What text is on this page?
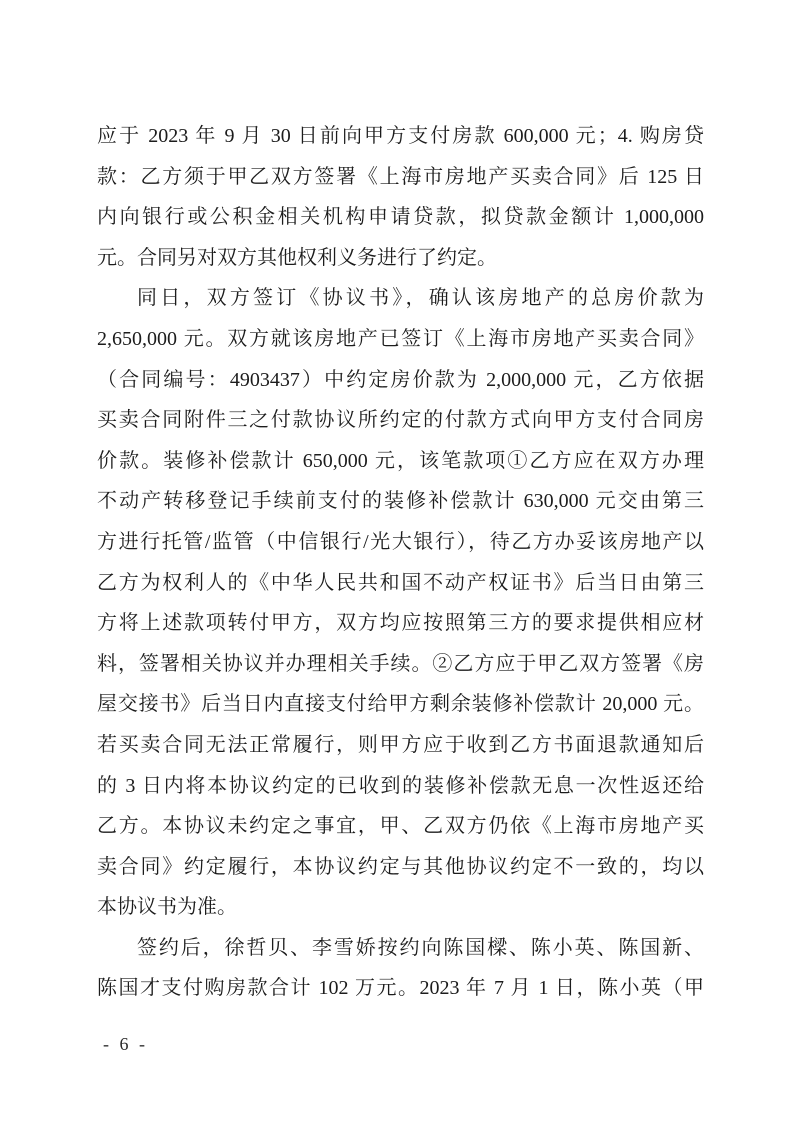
应于 2023 年 9 月 30 日前向甲方支付房款 600,000 元；4. 购房贷
款：乙方须于甲乙双方签署《上海市房地产买卖合同》后 125 日
内向银行或公积金相关机构申请贷款，拟贷款金额计 1,000,000
元。合同另对双方其他权利义务进行了约定。
同日，双方签订《协议书》，确认该房地产的总房价款为
2,650,000 元。双方就该房地产已签订《上海市房地产买卖合同》
（合同编号：4903437）中约定房价款为 2,000,000 元，乙方依据
买卖合同附件三之付款协议所约定的付款方式向甲方支付合同房
价款。装修补偿款计 650,000 元，该笔款项①乙方应在双方办理
不动产转移登记手续前支付的装修补偿款计 630,000 元交由第三
方进行托管/监管（中信银行/光大银行），待乙方办妥该房地产以
乙方为权利人的《中华人民共和国不动产权证书》后当日由第三
方将上述款项转付甲方，双方均应按照第三方的要求提供相应材
料，签署相关协议并办理相关手续。②乙方应于甲乙双方签署《房
屋交接书》后当日内直接支付给甲方剩余装修补偿款计 20,000 元。
若买卖合同无法正常履行，则甲方应于收到乙方书面退款通知后
的 3 日内将本协议约定的已收到的装修补偿款无息一次性返还给
乙方。本协议未约定之事宜，甲、乙双方仍依《上海市房地产买
卖合同》约定履行，本协议约定与其他协议约定不一致的，均以
本协议书为准。
签约后，徐哲贝、李雪娇按约向陈国樑、陈小英、陈国新、
陈国才支付购房款合计 102 万元。2023 年 7 月 1 日，陈小英（甲
- 6 -
